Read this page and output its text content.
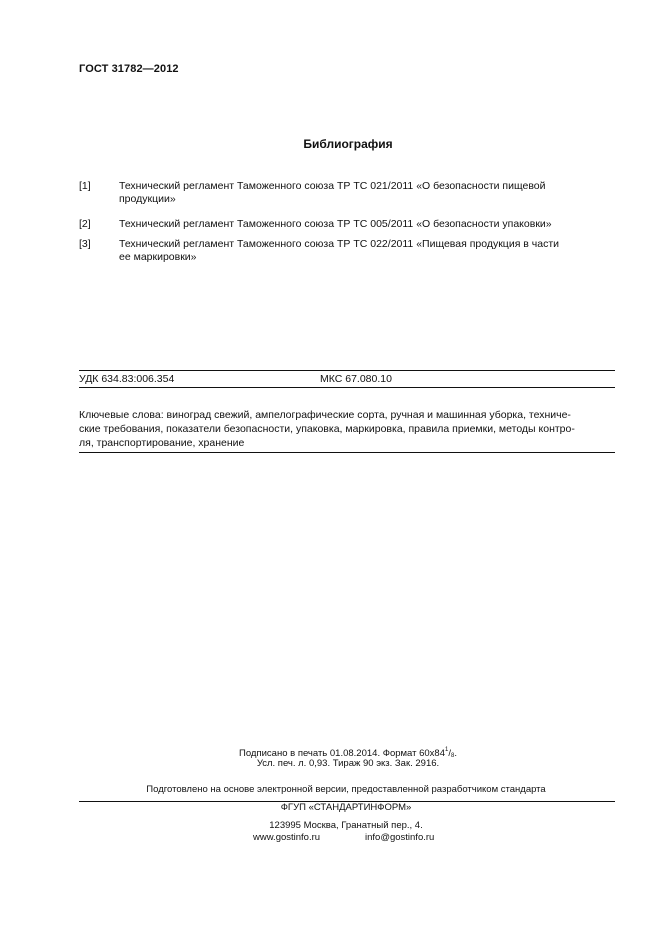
ГОСТ 31782—2012
Библиография
[1]	Технический регламент Таможенного союза ТР ТС 021/2011 «О безопасности пищевой
продукции»
[2]	Технический регламент Таможенного союза ТР ТС 005/2011 «О безопасности упаковки»
[3]	Технический регламент Таможенного союза ТР ТС 022/2011 «Пищевая продукция в части
ее маркировки»
УДК 634.83:006.354	МКС 67.080.10
Ключевые слова: виноград свежий, ампелографические сорта, ручная и машинная уборка, техниче-
ские требования, показатели безопасности, упаковка, маркировка, правила приемки, методы контро-
ля, транспортирование, хранение
Подписано в печать 01.08.2014. Формат $60х84^1/_8$.
Усл. печ. л. 0,93. Тираж 90 экз. Зак. 2916.
Подготовлено на основе электронной версии, предоставленной разработчиком стандарта
ФГУП «СТАНДАРТИНФОРМ»
123995 Москва, Гранатный пер., 4.
www.gostinfo.ru	info@gostinfo.ru
